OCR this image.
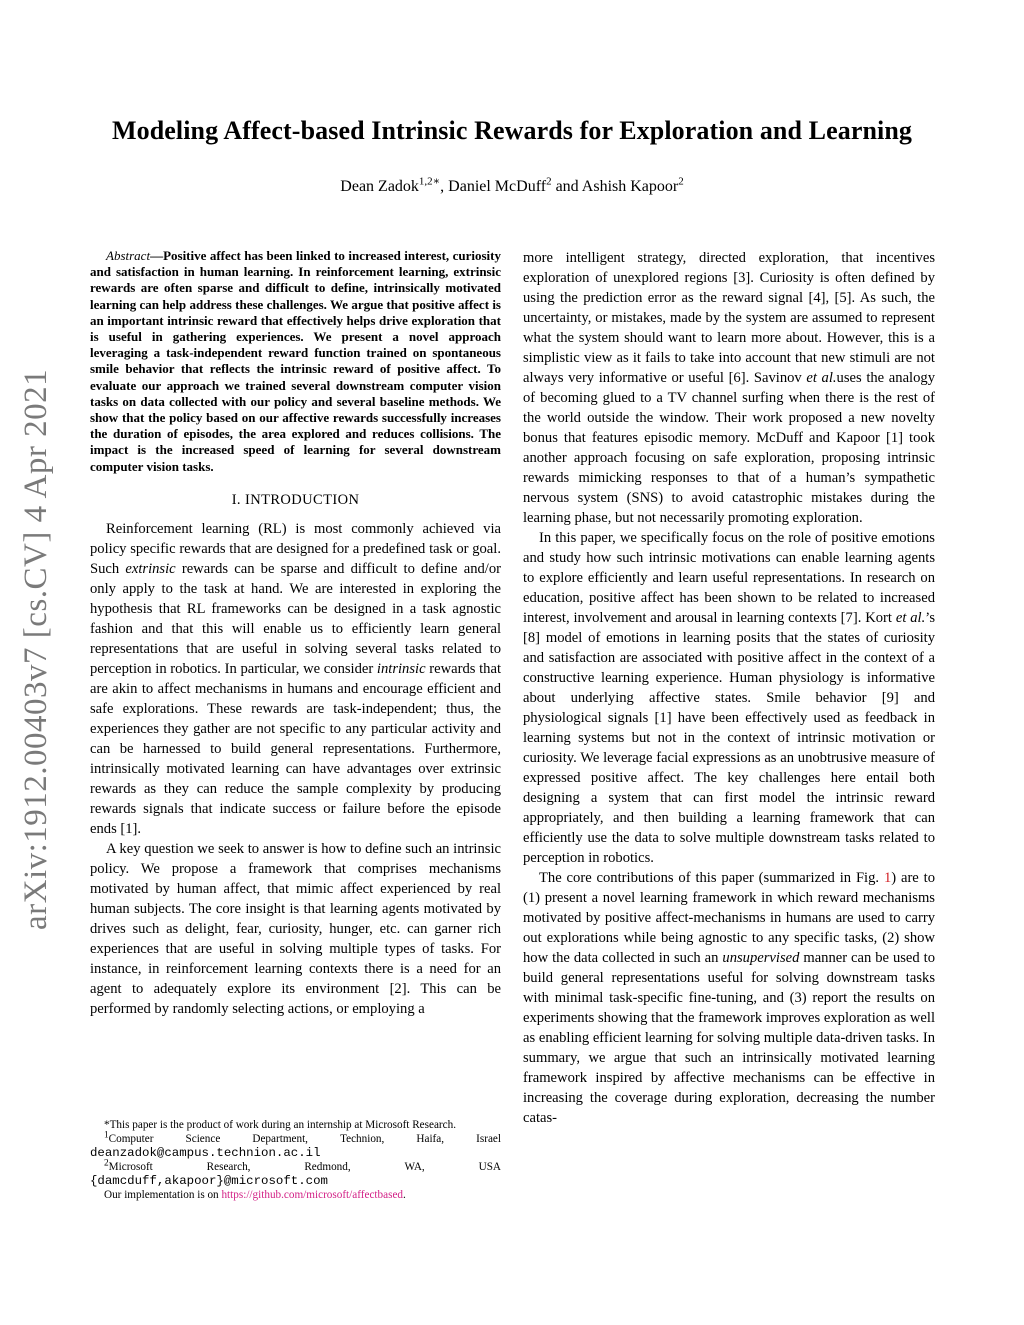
Modeling Affect-based Intrinsic Rewards for Exploration and Learning
Dean Zadok$^{1,2∗}$, Daniel McDuff$^2$ and Ashish Kapoor$^2$
arXiv:1912.00403v7 [cs.CV] 4 Apr 2021

Abstract—Positive affect has been linked to increased interest, curiosity and satisfaction in human learning. In reinforcement learning, extrinsic rewards are often sparse and difficult to define, intrinsically motivated learning can help address these challenges. We argue that positive affect is an important intrinsic reward that effectively helps drive exploration that is useful in gathering experiences. We present a novel approach leveraging a task-independent reward function trained on spontaneous smile behavior that reflects the intrinsic reward of positive affect. To evaluate our approach we trained several downstream computer vision tasks on data collected with our policy and several baseline methods. We show that the policy based on our affective rewards successfully increases the duration of episodes, the area explored and reduces collisions. The impact is the increased speed of learning for several downstream computer vision tasks.

I. INTRODUCTION

Reinforcement learning (RL) is most commonly achieved via policy specific rewards that are designed for a predefined task or goal. Such extrinsic rewards can be sparse and difficult to define and/or only apply to the task at hand. We are interested in exploring the hypothesis that RL frameworks can be designed in a task agnostic fashion and that this will enable us to efficiently learn general representations that are useful in solving several tasks related to perception in robotics. In particular, we consider intrinsic rewards that are akin to affect mechanisms in humans and encourage efficient and safe explorations. These rewards are task-independent; thus, the experiences they gather are not specific to any particular activity and can be harnessed to build general representations. Furthermore, intrinsically motivated learning can have advantages over extrinsic rewards as they can reduce the sample complexity by producing rewards signals that indicate success or failure before the episode ends [1].

A key question we seek to answer is how to define such an intrinsic policy. We propose a framework that comprises mechanisms motivated by human affect, that mimic affect experienced by real human subjects. The core insight is that learning agents motivated by drives such as delight, fear, curiosity, hunger, etc. can garner rich experiences that are useful in solving multiple types of tasks. For instance, in reinforcement learning contexts there is a need for an agent to adequately explore its environment [2]. This can be performed by randomly selecting actions, or employing a

*This paper is the product of work during an internship at Microsoft Research.

$^1$Computer	Science	Department,	Technion,	Haifa,	Israel
deanzadok@campus.technion.ac.il
$^2$Microsoft	Research,	Redmond,	WA,	USA
{damcduff,akapoor}@microsoft.com

Our implementation is on https://github.com/microsoft/affectbased.

more intelligent strategy, directed exploration, that incentives exploration of unexplored regions [3]. Curiosity is often defined by using the prediction error as the reward signal [4], [5]. As such, the uncertainty, or mistakes, made by the system are assumed to represent what the system should want to learn more about. However, this is a simplistic view as it fails to take into account that new stimuli are not always very informative or useful [6]. Savinov et al.uses the analogy of becoming glued to a TV channel surfing when there is the rest of the world outside the window. Their work proposed a new novelty bonus that features episodic memory. McDuff and Kapoor [1] took another approach focusing on safe exploration, proposing intrinsic rewards mimicking responses to that of a human’s sympathetic nervous system (SNS) to avoid catastrophic mistakes during the learning phase, but not necessarily promoting exploration.

In this paper, we specifically focus on the role of positive emotions and study how such intrinsic motivations can enable learning agents to explore efficiently and learn useful representations. In research on education, positive affect has been shown to be related to increased interest, involvement and arousal in learning contexts [7]. Kort et al.’s [8] model of emotions in learning posits that the states of curiosity and satisfaction are associated with positive affect in the context of a constructive learning experience. Human physiology is informative about underlying affective states. Smile behavior [9] and physiological signals [1] have been effectively used as feedback in learning systems but not in the context of intrinsic motivation or curiosity. We leverage facial expressions as an unobtrusive measure of expressed positive affect. The key challenges here entail both designing a system that can first model the intrinsic reward appropriately, and then building a learning framework that can efficiently use the data to solve multiple downstream tasks related to perception in robotics.

The core contributions of this paper (summarized in Fig. 1) are to (1) present a novel learning framework in which reward mechanisms motivated by positive affect-mechanisms in humans are used to carry out explorations while being agnostic to any specific tasks, (2) show how the data collected in such an unsupervised manner can be used to build general representations useful for solving downstream tasks with minimal task-specific fine-tuning, and (3) report the results on experiments showing that the framework improves exploration as well as enabling efficient learning for solving multiple data-driven tasks. In summary, we argue that such an intrinsically motivated learning framework inspired by affective mechanisms can be effective in increasing the coverage during exploration, decreasing the number catas-
